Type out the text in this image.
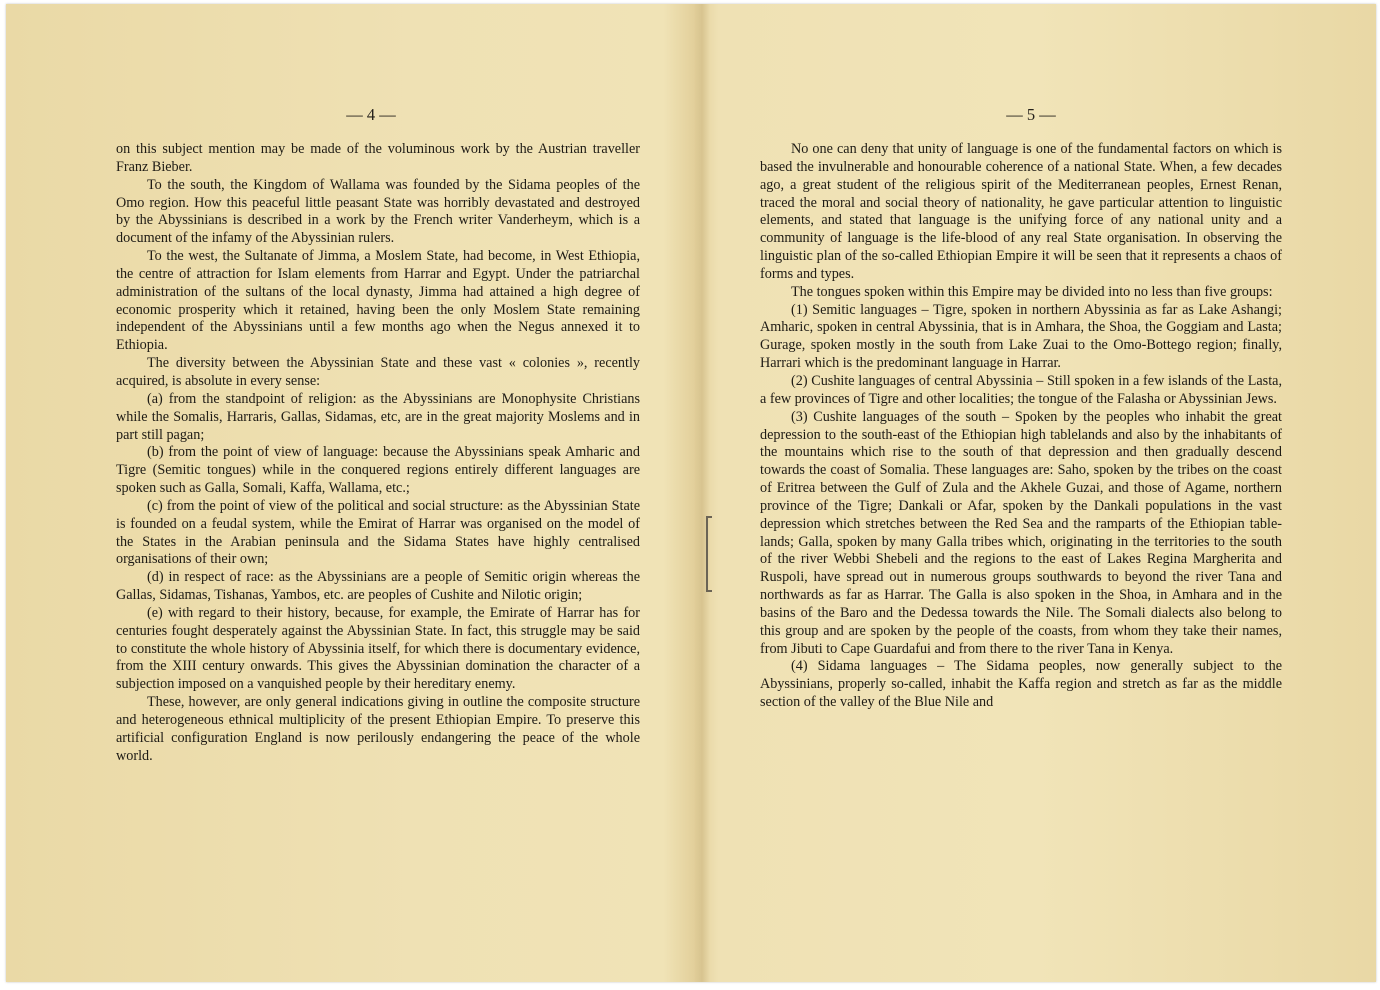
— 4 —

on this subject mention may be made of the voluminous work by the Austrian traveller Franz Bieber.

To the south, the Kingdom of Wallama was founded by the Sidama peoples of the Omo region. How this peaceful little peasant State was horribly devastated and destroyed by the Abyssinians is described in a work by the French writer Vanderheym, which is a document of the infamy of the Abyssinian rulers.

To the west, the Sultanate of Jimma, a Moslem State, had become, in West Ethiopia, the centre of attraction for Islam elements from Harrar and Egypt. Under the patriarchal administration of the sultans of the local dynasty, Jimma had attained a high degree of economic prosperity which it retained, having been the only Moslem State remaining independent of the Abyssinians until a few months ago when the Negus annexed it to Ethiopia.

The diversity between the Abyssinian State and these vast « colonies », recently acquired, is absolute in every sense:

(a) from the standpoint of religion: as the Abyssinians are Monophysite Christians while the Somalis, Harraris, Gallas, Sidamas, etc, are in the great majority Moslems and in part still pagan;

(b) from the point of view of language: because the Abyssinians speak Amharic and Tigre (Semitic tongues) while in the conquered regions entirely different languages are spoken such as Galla, Somali, Kaffa, Wallama, etc.;

(c) from the point of view of the political and social structure: as the Abyssinian State is founded on a feudal system, while the Emirat of Harrar was organised on the model of the States in the Arabian peninsula and the Sidama States have highly centralised organisations of their own;

(d) in respect of race: as the Abyssinians are a people of Semitic origin whereas the Gallas, Sidamas, Tishanas, Yambos, etc. are peoples of Cushite and Nilotic origin;

(e) with regard to their history, because, for example, the Emirate of Harrar has for centuries fought desperately against the Abyssinian State. In fact, this struggle may be said to constitute the whole history of Abyssinia itself, for which there is documentary evidence, from the XIII century onwards. This gives the Abyssinian domination the character of a subjection imposed on a vanquished people by their hereditary enemy.

These, however, are only general indications giving in outline the composite structure and heterogeneous ethnical multiplicity of the present Ethiopian Empire. To preserve this artificial configuration England is now perilously endangering the peace of the whole world.

— 5 —

No one can deny that unity of language is one of the fundamental factors on which is based the invulnerable and honourable coherence of a national State. When, a few decades ago, a great student of the religious spirit of the Mediterranean peoples, Ernest Renan, traced the moral and social theory of nationality, he gave particular attention to linguistic elements, and stated that language is the unifying force of any national unity and a community of language is the life-blood of any real State organisation. In observing the linguistic plan of the so-called Ethiopian Empire it will be seen that it represents a chaos of forms and types.

The tongues spoken within this Empire may be divided into no less than five groups:

(1) Semitic languages – Tigre, spoken in northern Abyssinia as far as Lake Ashangi; Amharic, spoken in central Abyssinia, that is in Amhara, the Shoa, the Goggiam and Lasta; Gurage, spoken mostly in the south from Lake Zuai to the Omo-Bottego region; finally, Harrari which is the predominant language in Harrar.

(2) Cushite languages of central Abyssinia – Still spoken in a few islands of the Lasta, a few provinces of Tigre and other localities; the tongue of the Falasha or Abyssinian Jews.

(3) Cushite languages of the south – Spoken by the peoples who inhabit the great depression to the south-east of the Ethiopian high tablelands and also by the inhabitants of the mountains which rise to the south of that depression and then gradually descend towards the coast of Somalia. These languages are: Saho, spoken by the tribes on the coast of Eritrea between the Gulf of Zula and the Akhele Guzai, and those of Agame, northern province of the Tigre; Dankali or Afar, spoken by the Dankali populations in the vast depression which stretches between the Red Sea and the ramparts of the Ethiopian table-lands; Galla, spoken by many Galla tribes which, originating in the territories to the south of the river Webbi Shebeli and the regions to the east of Lakes Regina Margherita and Ruspoli, have spread out in numerous groups southwards to beyond the river Tana and northwards as far as Harrar. The Galla is also spoken in the Shoa, in Amhara and in the basins of the Baro and the Dedessa towards the Nile. The Somali dialects also belong to this group and are spoken by the people of the coasts, from whom they take their names, from Jibuti to Cape Guardafui and from there to the river Tana in Kenya.

(4) Sidama languages – The Sidama peoples, now generally subject to the Abyssinians, properly so-called, inhabit the Kaffa region and stretch as far as the middle section of the valley of the Blue Nile and
